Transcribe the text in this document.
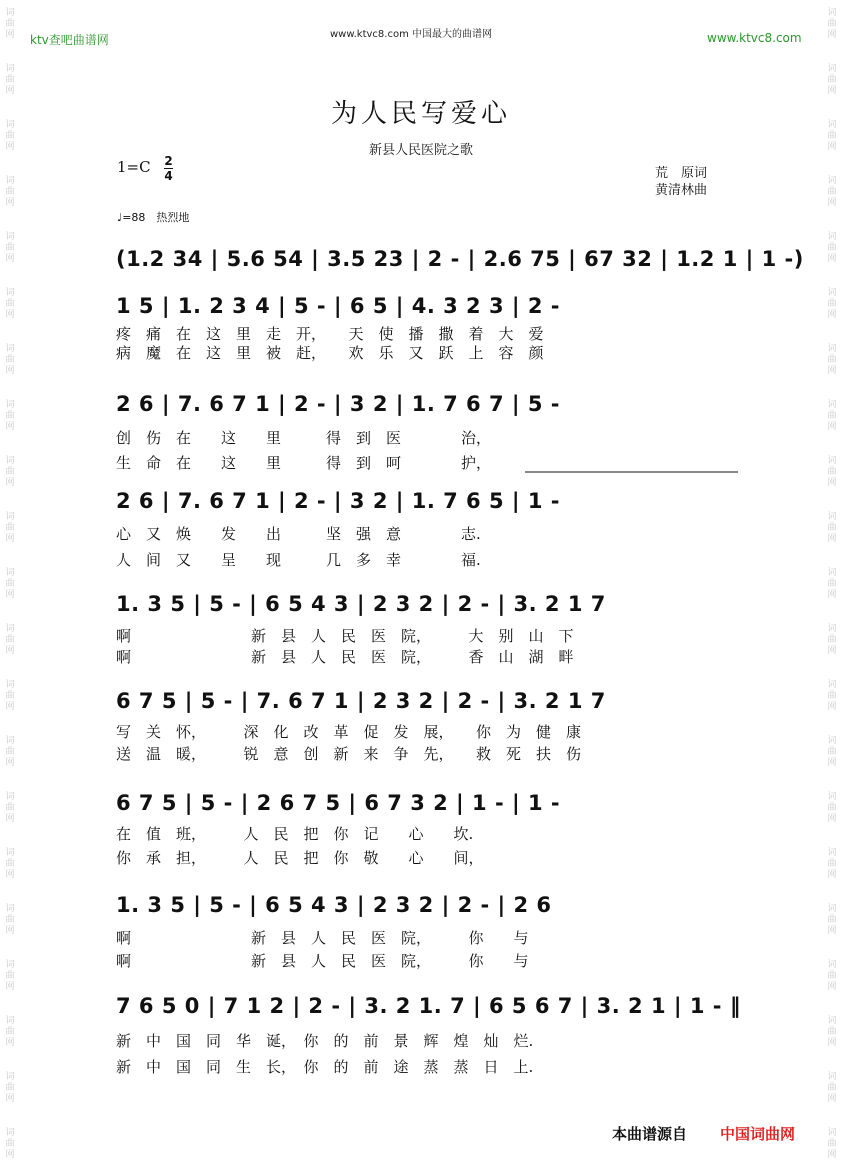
词曲网
词曲网
词曲网
词曲网
词曲网
词曲网
词曲网
词曲网
词曲网
词曲网
词曲网
词曲网
词曲网
词曲网
词曲网
词曲网
词曲网
词曲网
词曲网
词曲网
词曲网
词曲网
词曲网
词曲网
词曲网
词曲网
词曲网
词曲网
词曲网
词曲网
词曲网
词曲网
词曲网
词曲网
词曲网
词曲网
词曲网
词曲网
词曲网
词曲网
词曲网
词曲网
ktv查吧曲谱网	www.ktvc8.com 中国最大的曲谱网	www.ktvc8.com
为人民写爱心
新县人民医院之歌
1=C 2
4	荒　原词
黄清林曲
♩=88　热烈地
(1.2 34 | 5.6 54 | 3.5 23 | 2 - | 2.6 75 | 67 32 | 1.2 1 | 1 -)
1 5 | 1. 2 3 4 | 5 - | 6 5 | 4. 3 2 3 | 2 -
疼　痛　在　这　里　走　开，　　天　使　播　撒　着　大　爱
病　魔　在　这　里　被　赶，　　欢　乐　又　跃　上　容　颜
2 6 | 7. 6 7 1 | 2 - | 3 2 | 1. 7 6 7 | 5 -
创　伤　在　　这　　里　　　得　到　医　　　　治，
生　命　在　　这　　里　　　得　到　呵　　　　护，
2 6 | 7. 6 7 1 | 2 - | 3 2 | 1. 7 6 5 | 1 -
心　又　焕　　发　　出　　　坚　强　意　　　　志.
人　间　又　　呈　　现　　　几　多　幸　　　　福.
1. 3 5 | 5 - | 6 5 4 3 | 2 3 2 | 2 - | 3. 2 1 7
啊　　　　　　　　新　县　人　民　医　院，　　　大　别　山　下
啊　　　　　　　　新　县　人　民　医　院，　　　香　山　湖　畔
6 7 5 | 5 - | 7. 6 7 1 | 2 3 2 | 2 - | 3. 2 1 7
写　关　怀，　　　深　化　改　革　促　发　展，　　你　为　健　康
送　温　暖，　　　锐　意　创　新　来　争　先，　　救　死　扶　伤
6 7 5 | 5 - | 2 6 7 5 | 6 7 3 2 | 1 - | 1 -
在　值　班，　　　人　民　把　你　记　　心　　坎.
你　承　担，　　　人　民　把　你　敬　　心　　间，
1. 3 5 | 5 - | 6 5 4 3 | 2 3 2 | 2 - | 2 6
啊　　　　　　　　新　县　人　民　医　院，　　　你　　与
啊　　　　　　　　新　县　人　民　医　院，　　　你　　与
7 6 5 0 | 7 1 2 | 2 - | 3. 2 1. 7 | 6 5 6 7 | 3. 2 1 | 1 - ‖
新　中　国　同　华　诞，　你　的　前　景　辉　煌　灿　烂.
新　中　国　同　生　长，　你　的　前　途　蒸　蒸　日　上.
本曲谱源自 中国词曲网
